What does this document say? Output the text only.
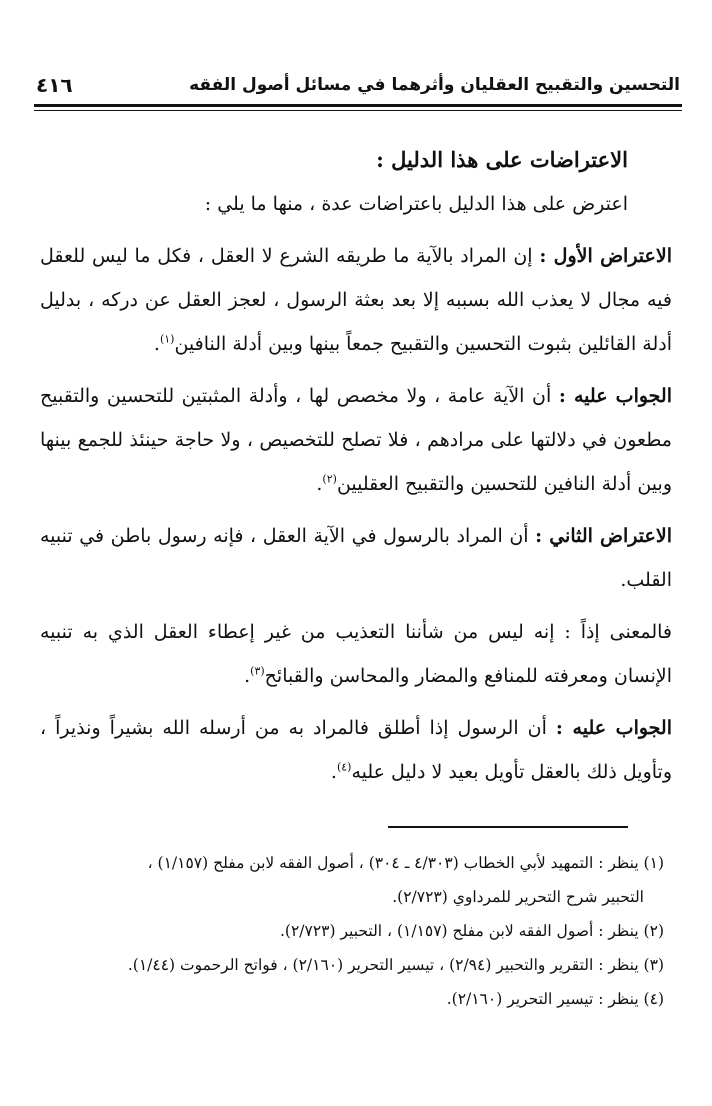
التحسين والتقبيح العقليان وأثرهما في مسائل أصول الفقه
٤١٦

الاعتراضات على هذا الدليل :

اعترض على هذا الدليل باعتراضات عدة ، منها ما يلي :

الاعتراض الأول : إن المراد بالآية ما طريقه الشرع لا العقل ، فكل ما ليس للعقل فيه مجال لا يعذب الله بسببه إلا بعد بعثة الرسول ، لعجز العقل عن دركه ، بدليل أدلة القائلين بثبوت التحسين والتقبيح جمعاً بينها وبين أدلة النافين$^{(١)}$.

الجواب عليه : أن الآية عامة ، ولا مخصص لها ، وأدلة المثبتين للتحسين والتقبيح مطعون في دلالتها على مرادهم ، فلا تصلح للتخصيص ، ولا حاجة حينئذ للجمع بينها وبين أدلة النافين للتحسين والتقبيح العقليين$^{(٢)}$.

الاعتراض الثاني : أن المراد بالرسول في الآية العقل ، فإنه رسول باطن في تنبيه القلب.

فالمعنى إذاً : إنه ليس من شأننا التعذيب من غير إعطاء العقل الذي به تنبيه الإنسان ومعرفته للمنافع والمضار والمحاسن والقبائح$^{(٣)}$.

الجواب عليه : أن الرسول إذا أطلق فالمراد به من أرسله الله بشيراً ونذيراً ، وتأويل ذلك بالعقل تأويل بعيد لا دليل عليه$^{(٤)}$.

(١) ينظر : التمهيد لأبي الخطاب (٤/٣٠٣ ـ ٣٠٤) ، أصول الفقه لابن مفلح (١/١٥٧) ،

التحبير شرح التحرير للمرداوي (٢/٧٢٣).

(٢) ينظر : أصول الفقه لابن مفلح (١/١٥٧) ، التحبير (٢/٧٢٣).

(٣) ينظر : التقرير والتحبير (٢/٩٤) ، تيسير التحرير (٢/١٦٠) ، فواتح الرحموت (١/٤٤).

(٤) ينظر : تيسير التحرير (٢/١٦٠).
